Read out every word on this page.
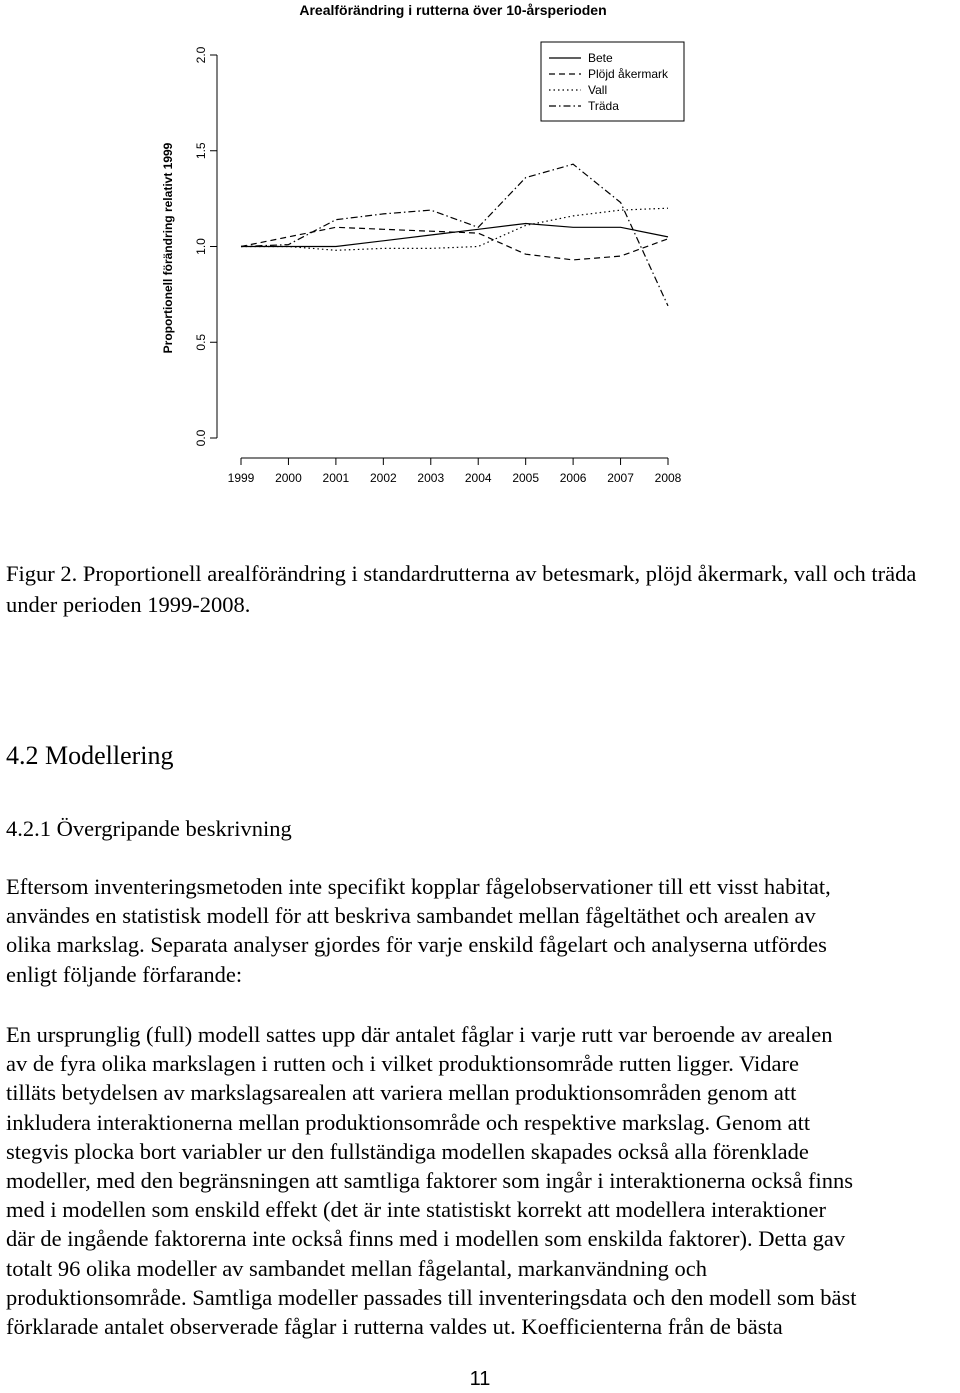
Arealförändring i rutterna över 10-årsperioden
Proportionell förändring relativt 1999
0.0
0.5
1.0
1.5
2.0
1999 2000 2001 2002 2003 2004 2005 2006 2007 2008
Bete
Plöjd åkermark
Vall
Träda

Figur 2. Proportionell arealförändring i standardrutterna av betesmark, plöjd åkermark, vall och träda under perioden 1999-2008.

4.2 Modellering
4.2.1 Övergripande beskrivning

Eftersom inventeringsmetoden inte specifikt kopplar fågelobservationer till ett visst habitat,
användes en statistisk modell för att beskriva sambandet mellan fågeltäthet och arealen av
olika markslag. Separata analyser gjordes för varje enskild fågelart och analyserna utfördes
enligt följande förfarande:

En ursprunglig (full) modell sattes upp där antalet fåglar i varje rutt var beroende av arealen
av de fyra olika markslagen i rutten och i vilket produktionsområde rutten ligger. Vidare
tilläts betydelsen av markslagsarealen att variera mellan produktionsområden genom att
inkludera interaktionerna mellan produktionsområde och respektive markslag. Genom att
stegvis plocka bort variabler ur den fullständiga modellen skapades också alla förenklade
modeller, med den begränsningen att samtliga faktorer som ingår i interaktionerna också finns
med i modellen som enskild effekt (det är inte statistiskt korrekt att modellera interaktioner
där de ingående faktorerna inte också finns med i modellen som enskilda faktorer). Detta gav
totalt 96 olika modeller av sambandet mellan fågelantal, markanvändning och
produktionsområde. Samtliga modeller passades till inventeringsdata och den modell som bäst
förklarade antalet observerade fåglar i rutterna valdes ut. Koefficienterna från de bästa

11
